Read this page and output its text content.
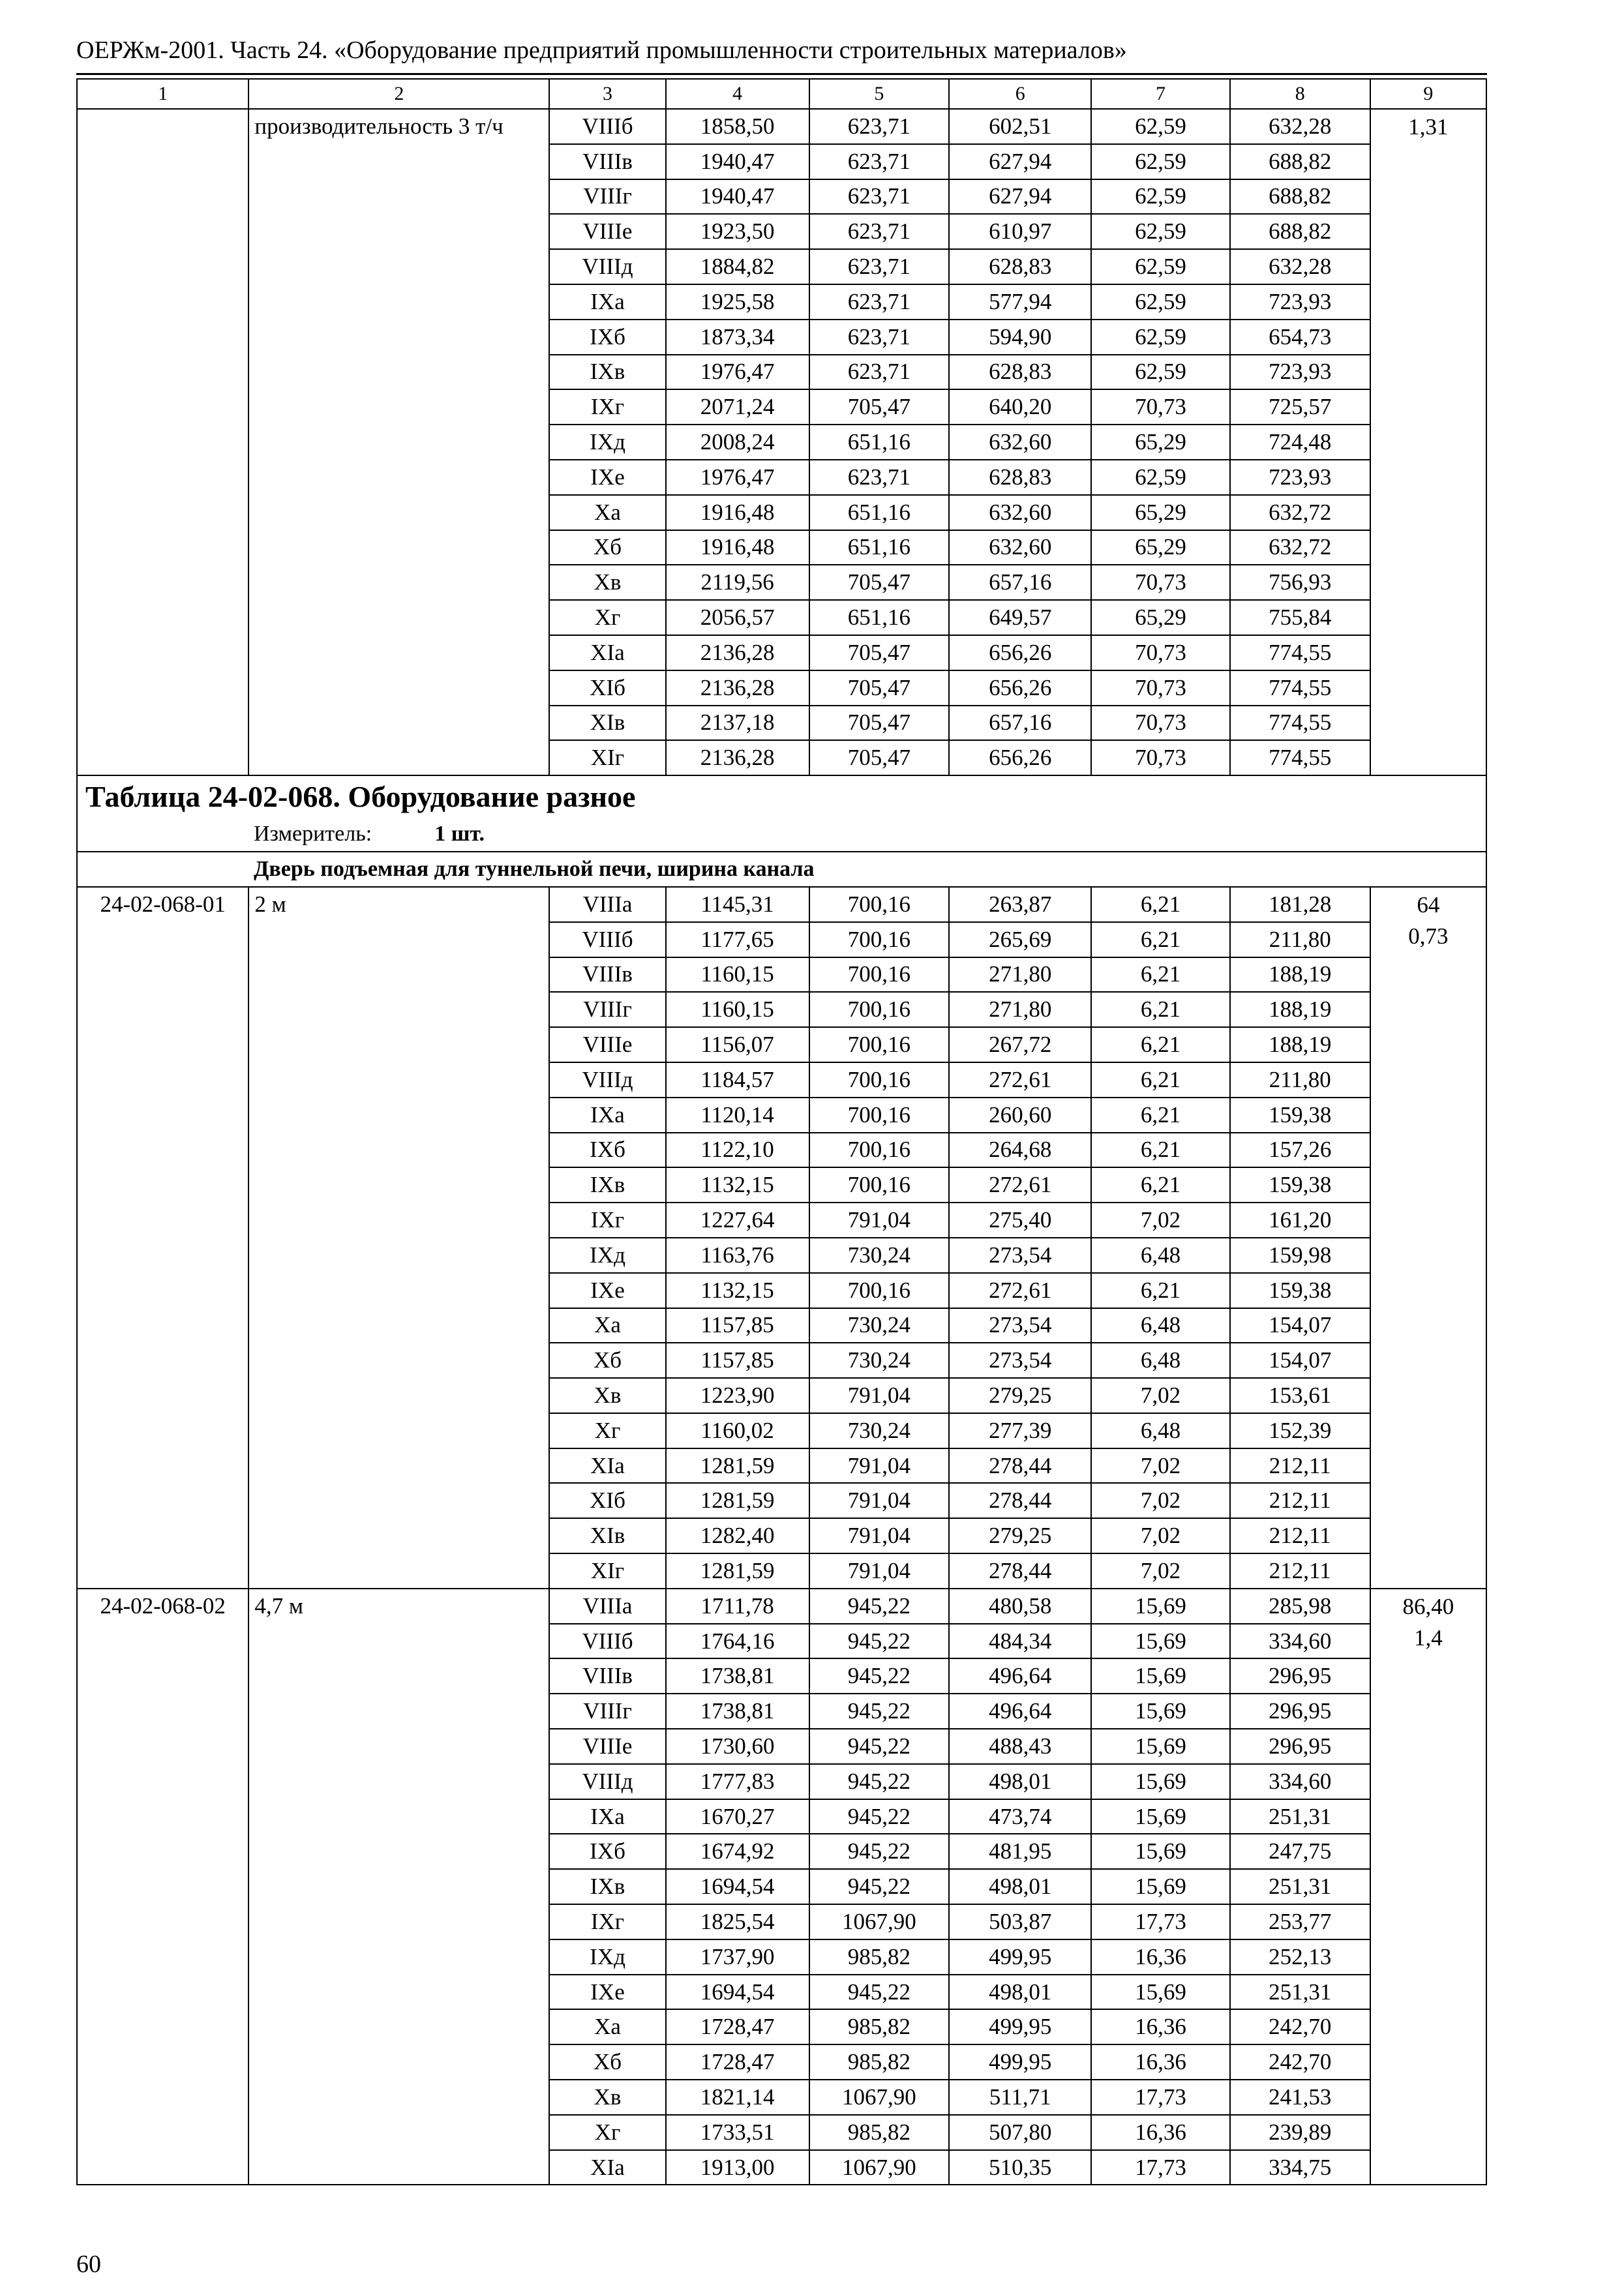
ОЕРЖм-2001. Часть 24. «Оборудование предприятий промышленности строительных материалов»
1	2	3	4	5	6	7	8	9
	производительность 3 т/ч	VIIIб	1858,50	623,71	602,51	62,59	632,28	1,31

		VIIIв	1940,47	623,71	627,94	62,59	688,82	
		VIIIг	1940,47	623,71	627,94	62,59	688,82	
		VIIIе	1923,50	623,71	610,97	62,59	688,82	
		VIIIд	1884,82	623,71	628,83	62,59	632,28	
		IXа	1925,58	623,71	577,94	62,59	723,93	
		IXб	1873,34	623,71	594,90	62,59	654,73	
		IXв	1976,47	623,71	628,83	62,59	723,93	
		IXг	2071,24	705,47	640,20	70,73	725,57	
		IXд	2008,24	651,16	632,60	65,29	724,48	
		IXе	1976,47	623,71	628,83	62,59	723,93	
		Xа	1916,48	651,16	632,60	65,29	632,72	
		Xб	1916,48	651,16	632,60	65,29	632,72	
		Xв	2119,56	705,47	657,16	70,73	756,93	
		Xг	2056,57	651,16	649,57	65,29	755,84	
		XIа	2136,28	705,47	656,26	70,73	774,55	
		XIб	2136,28	705,47	656,26	70,73	774,55	
		XIв	2137,18	705,47	657,16	70,73	774,55	
		XIг	2136,28	705,47	656,26	70,73	774,55	
Таблица 24-02-068. Оборудование разное								
Измеритель: 1 шт.								
Дверь подъемная для туннельной печи, ширина канала								
24-02-068-01	2 м	VIIIа	1145,31	700,16	263,87	6,21	181,28	64
0,73

		VIIIб	1177,65	700,16	265,69	6,21	211,80	
		VIIIв	1160,15	700,16	271,80	6,21	188,19	
		VIIIг	1160,15	700,16	271,80	6,21	188,19	
		VIIIе	1156,07	700,16	267,72	6,21	188,19	
		VIIIд	1184,57	700,16	272,61	6,21	211,80	
		IXа	1120,14	700,16	260,60	6,21	159,38	
		IXб	1122,10	700,16	264,68	6,21	157,26	
		IXв	1132,15	700,16	272,61	6,21	159,38	
		IXг	1227,64	791,04	275,40	7,02	161,20	
		IXд	1163,76	730,24	273,54	6,48	159,98	
		IXе	1132,15	700,16	272,61	6,21	159,38	
		Xа	1157,85	730,24	273,54	6,48	154,07	
		Xб	1157,85	730,24	273,54	6,48	154,07	
		Xв	1223,90	791,04	279,25	7,02	153,61	
		Xг	1160,02	730,24	277,39	6,48	152,39	
		XIа	1281,59	791,04	278,44	7,02	212,11	
		XIб	1281,59	791,04	278,44	7,02	212,11	
		XIв	1282,40	791,04	279,25	7,02	212,11	
		XIг	1281,59	791,04	278,44	7,02	212,11	
24-02-068-02	4,7 м	VIIIа	1711,78	945,22	480,58	15,69	285,98	86,40
1,4

		VIIIб	1764,16	945,22	484,34	15,69	334,60	
		VIIIв	1738,81	945,22	496,64	15,69	296,95	
		VIIIг	1738,81	945,22	496,64	15,69	296,95	
		VIIIе	1730,60	945,22	488,43	15,69	296,95	
		VIIIд	1777,83	945,22	498,01	15,69	334,60	
		IXа	1670,27	945,22	473,74	15,69	251,31	
		IXб	1674,92	945,22	481,95	15,69	247,75	
		IXв	1694,54	945,22	498,01	15,69	251,31	
		IXг	1825,54	1067,90	503,87	17,73	253,77	
		IXд	1737,90	985,82	499,95	16,36	252,13	
		IXе	1694,54	945,22	498,01	15,69	251,31	
		Xа	1728,47	985,82	499,95	16,36	242,70	
		Xб	1728,47	985,82	499,95	16,36	242,70	
		Xв	1821,14	1067,90	511,71	17,73	241,53	
		Xг	1733,51	985,82	507,80	16,36	239,89	
		XIа	1913,00	1067,90	510,35	17,73	334,75	
60
